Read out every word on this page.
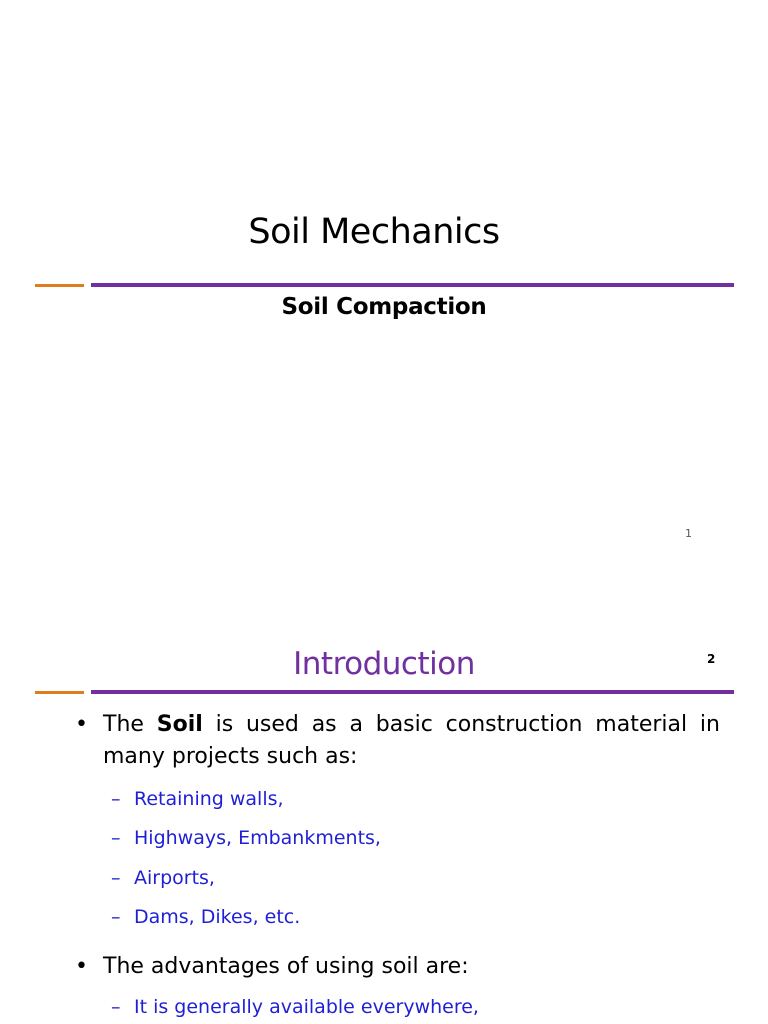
Soil Mechanics
Soil Compaction
1
Introduction	2
• The Soil is used as a basic construction material in
many projects such as:
– Retaining walls,
– Highways, Embankments,
– Airports,
– Dams, Dikes, etc.
• The advantages of using soil are:
– It is generally available everywhere,
